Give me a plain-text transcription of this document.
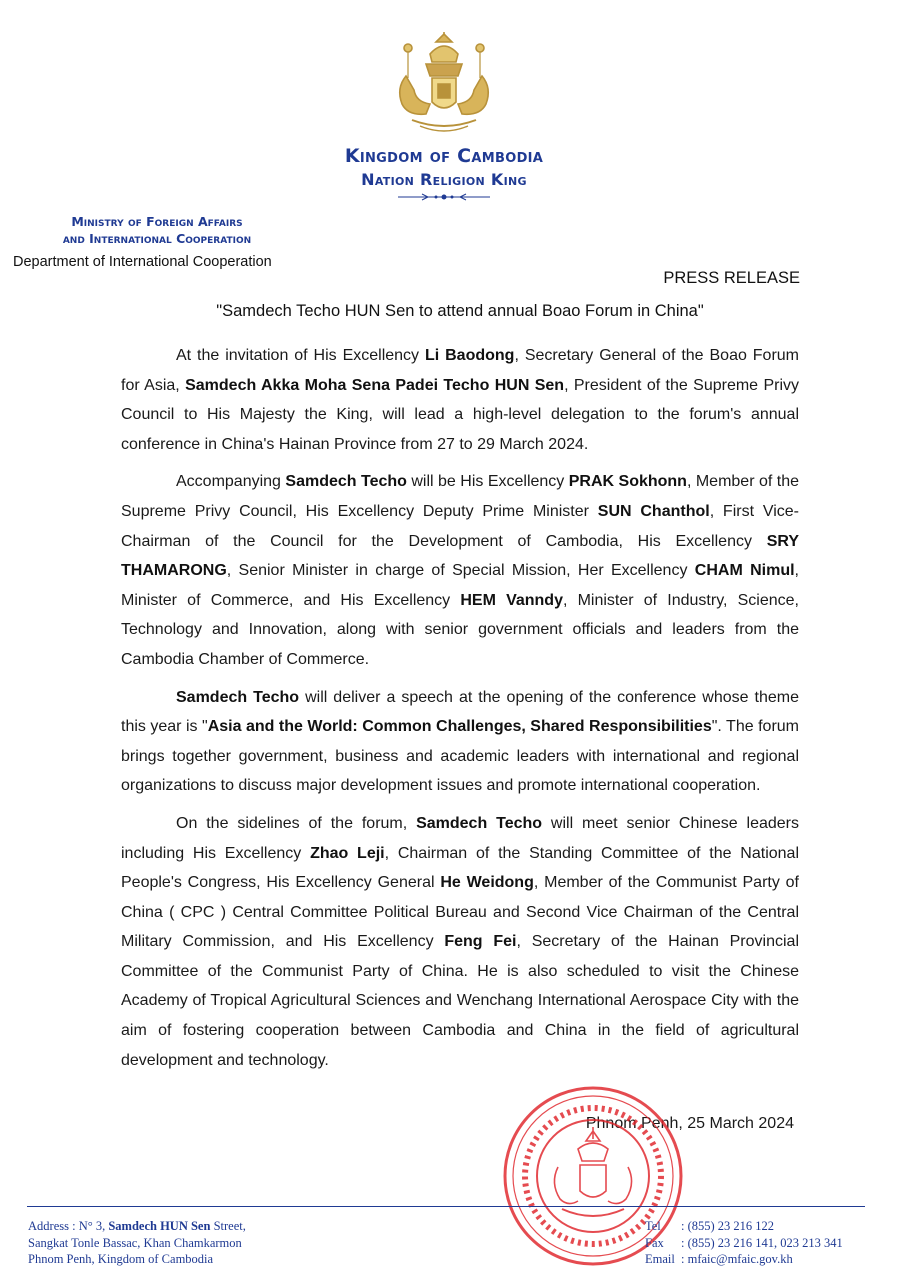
Kingdom of Cambodia
Nation Religion King
Ministry of Foreign Affairs
and International Cooperation
Department of International Cooperation
PRESS RELEASE
"Samdech Techo HUN Sen to attend annual Boao Forum in China"

At the invitation of His Excellency Li Baodong, Secretary General of the Boao Forum for Asia, Samdech Akka Moha Sena Padei Techo HUN Sen, President of the Supreme Privy Council to His Majesty the King, will lead a high-level delegation to the forum's annual conference in China's Hainan Province from 27 to 29 March 2024.

Accompanying Samdech Techo will be His Excellency PRAK Sokhonn, Member of the Supreme Privy Council, His Excellency Deputy Prime Minister SUN Chanthol, First Vice-Chairman of the Council for the Development of Cambodia, His Excellency SRY THAMARONG, Senior Minister in charge of Special Mission, Her Excellency CHAM Nimul, Minister of Commerce, and His Excellency HEM Vanndy, Minister of Industry, Science, Technology and Innovation, along with senior government officials and leaders from the Cambodia Chamber of Commerce.

Samdech Techo will deliver a speech at the opening of the conference whose theme this year is "Asia and the World: Common Challenges, Shared Responsibilities". The forum brings together government, business and academic leaders with international and regional organizations to discuss major development issues and promote international cooperation.

On the sidelines of the forum, Samdech Techo will meet senior Chinese leaders including His Excellency Zhao Leji, Chairman of the Standing Committee of the National People's Congress, His Excellency General He Weidong, Member of the Communist Party of China ( CPC ) Central Committee Political Bureau and Second Vice Chairman of the Central Military Commission, and His Excellency Feng Fei, Secretary of the Hainan Provincial Committee of the Communist Party of China. He is also scheduled to visit the Chinese Academy of Tropical Agricultural Sciences and Wenchang International Aerospace City with the aim of fostering cooperation between Cambodia and China in the field of agricultural development and technology.

Phnom Penh, 25 March 2024
Address : N° 3, Samdech HUN Sen Street,
Sangkat Tonle Bassac, Khan Chamkarmon
Phnom Penh, Kingdom of Cambodia
Tel : (855) 23 216 122
Fax : (855) 23 216 141, 023 213 341
Email : mfaic@mfaic.gov.kh
